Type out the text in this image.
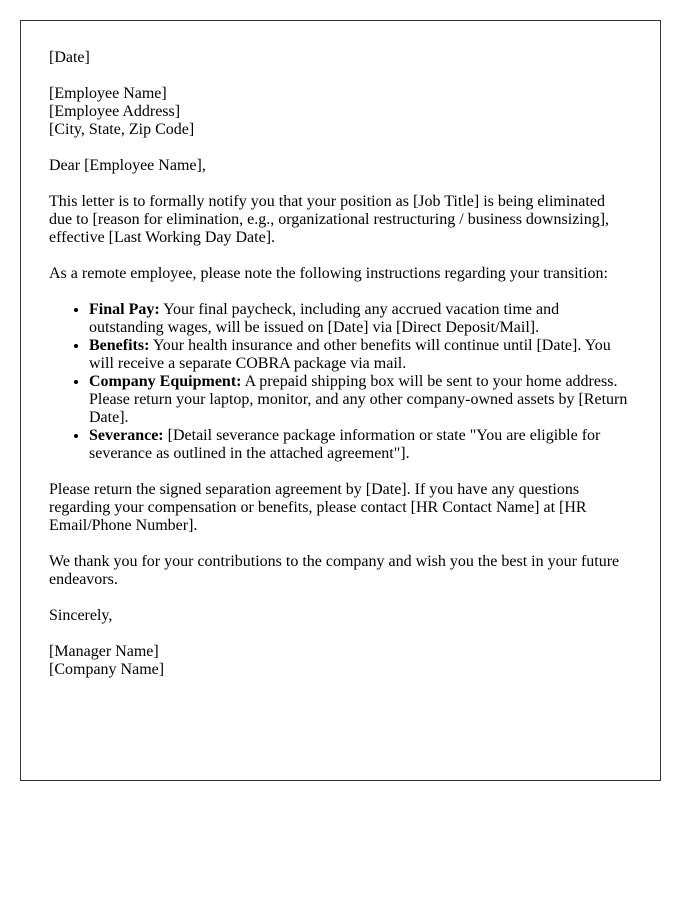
[Date]

[Employee Name]
[Employee Address]
[City, State, Zip Code]

Dear [Employee Name],

This letter is to formally notify you that your position as [Job Title] is being eliminated due to [reason for elimination, e.g., organizational restructuring / business downsizing], effective [Last Working Day Date].

As a remote employee, please note the following instructions regarding your transition:

• Final Pay: Your final paycheck, including any accrued vacation time and outstanding wages, will be issued on [Date] via [Direct Deposit/Mail].
• Benefits: Your health insurance and other benefits will continue until [Date]. You will receive a separate COBRA package via mail.
• Company Equipment: A prepaid shipping box will be sent to your home address. Please return your laptop, monitor, and any other company-owned assets by [Return Date].
• Severance: [Detail severance package information or state "You are eligible for severance as outlined in the attached agreement"].

Please return the signed separation agreement by [Date]. If you have any questions regarding your compensation or benefits, please contact [HR Contact Name] at [HR Email/Phone Number].

We thank you for your contributions to the company and wish you the best in your future endeavors.

Sincerely,

[Manager Name]
[Company Name]
